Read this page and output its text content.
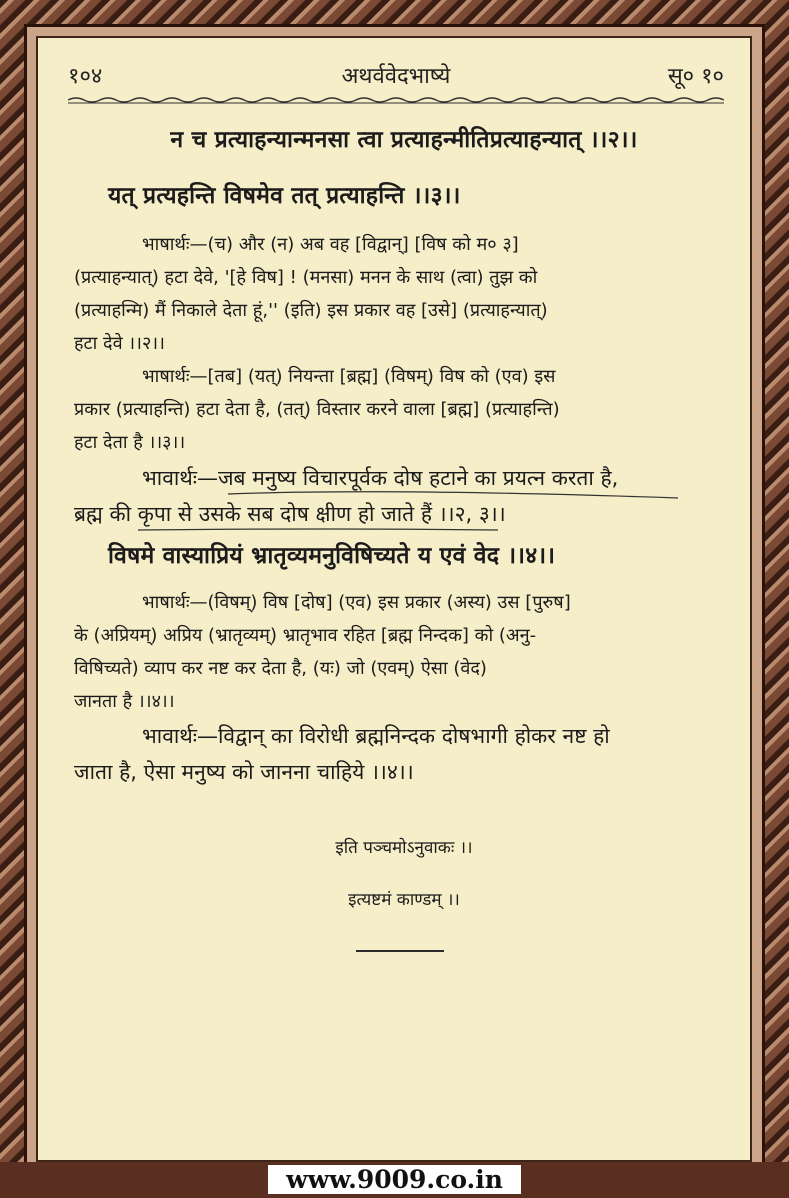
१०४	अथर्ववेदभाष्ये	सू० १०
न च प्रत्याहन्यान्मनसा त्वा प्रत्याहन्मीतिप्रत्याहन्यात् ।।२।।
यत् प्रत्यहन्ति विषमेव तत् प्रत्याहन्ति ।।३।।
भाषार्थः—(च) और (न) अब वह [विद्वान्] [विष को म० ३]
(प्रत्याहन्यात्) हटा देवे, '[हे विष] ! (मनसा) मनन के साथ (त्वा) तुझ को
(प्रत्याहन्मि) मैं निकाले देता हूं,'' (इति) इस प्रकार वह [उसे] (प्रत्याहन्यात्)
हटा देवे ।।२।।
भाषार्थः—[तब] (यत्) नियन्ता [ब्रह्म] (विषम्) विष को (एव) इस
प्रकार (प्रत्याहन्ति) हटा देता है, (तत्) विस्तार करने वाला [ब्रह्म] (प्रत्याहन्ति)
हटा देता है ।।३।।
भावार्थः—जब मनुष्य विचारपूर्वक दोष हटाने का प्रयत्न करता है,
ब्रह्म की कृपा से उसके सब दोष क्षीण हो जाते हैं ।।२, ३।।
विषमे वास्याप्रियं भ्रातृव्यमनुविषिच्यते य एवं वेद ।।४।।
भाषार्थः—(विषम्) विष [दोष] (एव) इस प्रकार (अस्य) उस [पुरुष]
के (अप्रियम्) अप्रिय (भ्रातृव्यम्) भ्रातृभाव रहित [ब्रह्म निन्दक] को (अनु-
विषिच्यते) व्याप कर नष्ट कर देता है, (यः) जो (एवम्) ऐसा (वेद)
जानता है ।।४।।
भावार्थः—विद्वान् का विरोधी ब्रह्मनिन्दक दोषभागी होकर नष्ट हो
जाता है, ऐसा मनुष्य को जानना चाहिये ।।४।।
इति पञ्चमोऽनुवाकः ।।
इत्यष्टमं काण्डम् ।।
www.9009.co.in
